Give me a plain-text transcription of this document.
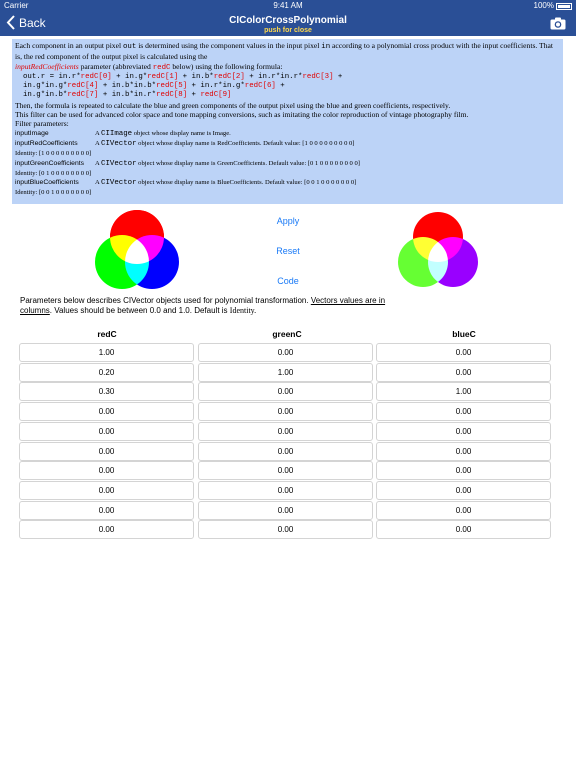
Carrier	9:41 AM	100%
Back	CIColorCrossPolynomial
push for close
Each component in an output pixel out is determined using the component values in the input pixel in according to a polynomial cross product with the input coefficients. That is, the red component of the output pixel is calculated using the
inputRedCoefficients parameter (abbreviated redC below) using the following formula:
out.r = in.r*redC[0] + in.g*redC[1] + in.b*redC[2] + in.r*in.r*redC[3] +
in.g*in.g*redC[4] + in.b*in.b*redC[5] + in.r*in.g*redC[6] +
in.g*in.b*redC[7] + in.b*in.r*redC[8] + redC[9]
Then, the formula is repeated to calculate the blue and green components of the output pixel using the blue and green coefficients, respectively.
This filter can be used for advanced color space and tone mapping conversions, such as imitating the color reproduction of vintage photography film.
Filter parameters:
inputImage	A CIImage object whose display name is Image.
inputRedCoefficients	A CIVector object whose display name is RedCoefficients. Default value: [1 0 0 0 0 0 0 0 0 0]
Identity: [1 0 0 0 0 0 0 0 0 0]
inputGreenCoefficients	A CIVector object whose display name is GreenCoefficients. Default value: [0 1 0 0 0 0 0 0 0 0]
Identity: [0 1 0 0 0 0 0 0 0 0]
inputBlueCoefficients	A CIVector object whose display name is BlueCoefficients. Default value: [0 0 1 0 0 0 0 0 0 0]
Identity: [0 0 1 0 0 0 0 0 0 0]
Apply
Reset
Code
Parameters below describes CIVector objects used for polynomial transformation. Vectors values are in columns. Values should be between 0.0 and 1.0. Default is Identity.
redC	greenC	blueC
1.00	0.00	0.00
0.20	1.00	0.00
0.30	0.00	1.00
0.00	0.00	0.00
0.00	0.00	0.00
0.00	0.00	0.00
0.00	0.00	0.00
0.00	0.00	0.00
0.00	0.00	0.00
0.00	0.00	0.00
